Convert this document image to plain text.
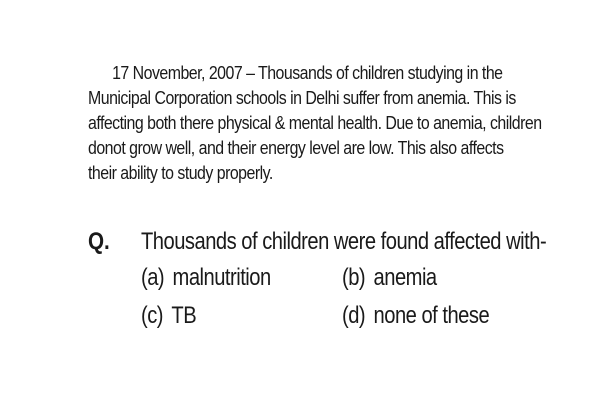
17 November, 2007 – Thousands of children studying in the
Municipal Corporation schools in Delhi suffer from anemia. This is
affecting both there physical & mental health. Due to anemia, children
donot grow well, and their energy level are low. This also affects
their ability to study properly.
Q. Thousands of children were found affected with-
(a) malnutrition	(b) anemia
(c) TB	(d) none of these
